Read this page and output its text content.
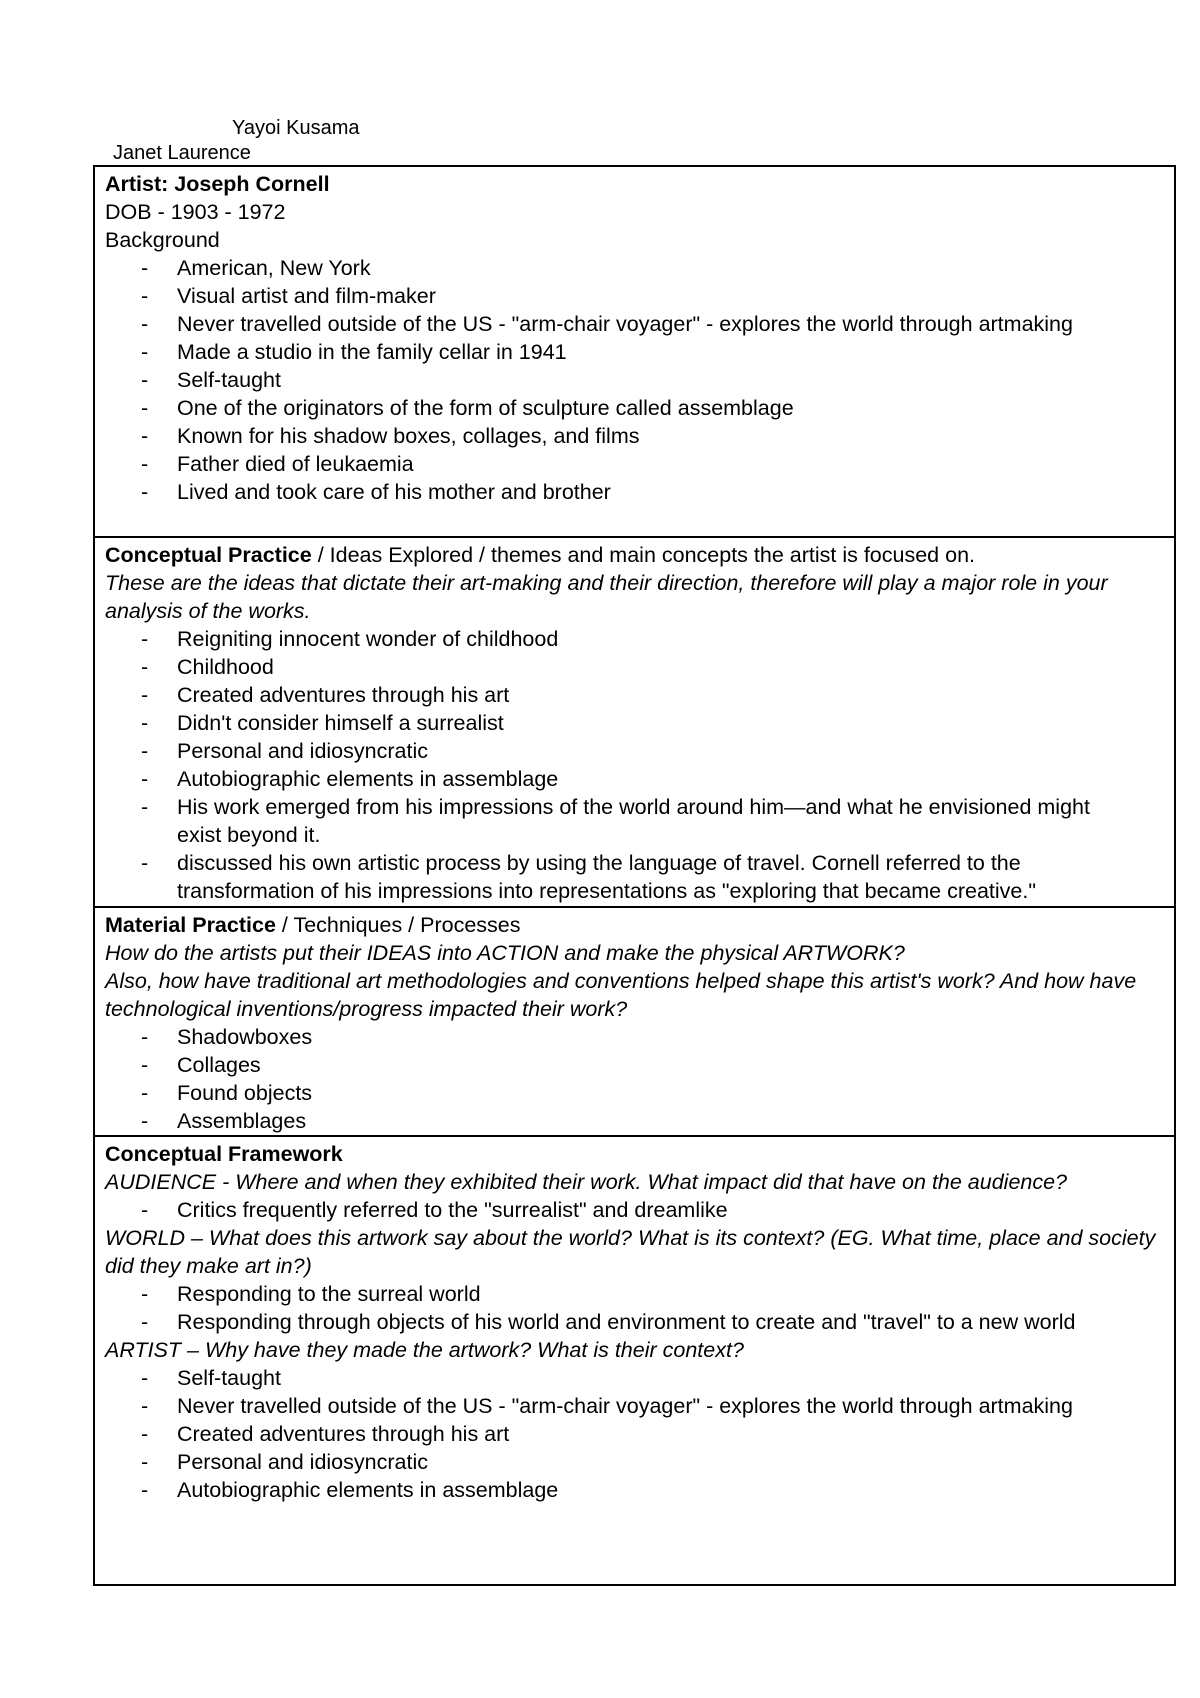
Yayoi Kusama
Janet Laurence
Artist: Joseph Cornell
DOB - 1903 - 1972
Background
- American, New York
- Visual artist and film-maker
- Never travelled outside of the US - "arm-chair voyager" - explores the world through artmaking
- Made a studio in the family cellar in 1941
- Self-taught
- One of the originators of the form of sculpture called assemblage
- Known for his shadow boxes, collages, and films
- Father died of leukaemia
- Lived and took care of his mother and brother
Conceptual Practice / Ideas Explored / themes and main concepts the artist is focused on.
These are the ideas that dictate their art-making and their direction, therefore will play a major role in your analysis of the works.
- Reigniting innocent wonder of childhood
- Childhood
- Created adventures through his art
- Didn't consider himself a surrealist
- Personal and idiosyncratic
- Autobiographic elements in assemblage
- His work emerged from his impressions of the world around him—and what he envisioned might exist beyond it.
- discussed his own artistic process by using the language of travel. Cornell referred to the transformation of his impressions into representations as "exploring that became creative."
Material Practice / Techniques / Processes
How do the artists put their IDEAS into ACTION and make the physical ARTWORK?
Also, how have traditional art methodologies and conventions helped shape this artist's work? And how have technological inventions/progress impacted their work?
- Shadowboxes
- Collages
- Found objects
- Assemblages
Conceptual Framework
AUDIENCE - Where and when they exhibited their work. What impact did that have on the audience?
- Critics frequently referred to the "surrealist" and dreamlike
WORLD – What does this artwork say about the world? What is its context? (EG. What time, place and society did they make art in?)
- Responding to the surreal world
- Responding through objects of his world and environment to create and "travel" to a new world
ARTIST – Why have they made the artwork? What is their context?
- Self-taught
- Never travelled outside of the US - "arm-chair voyager" - explores the world through artmaking
- Created adventures through his art
- Personal and idiosyncratic
- Autobiographic elements in assemblage
